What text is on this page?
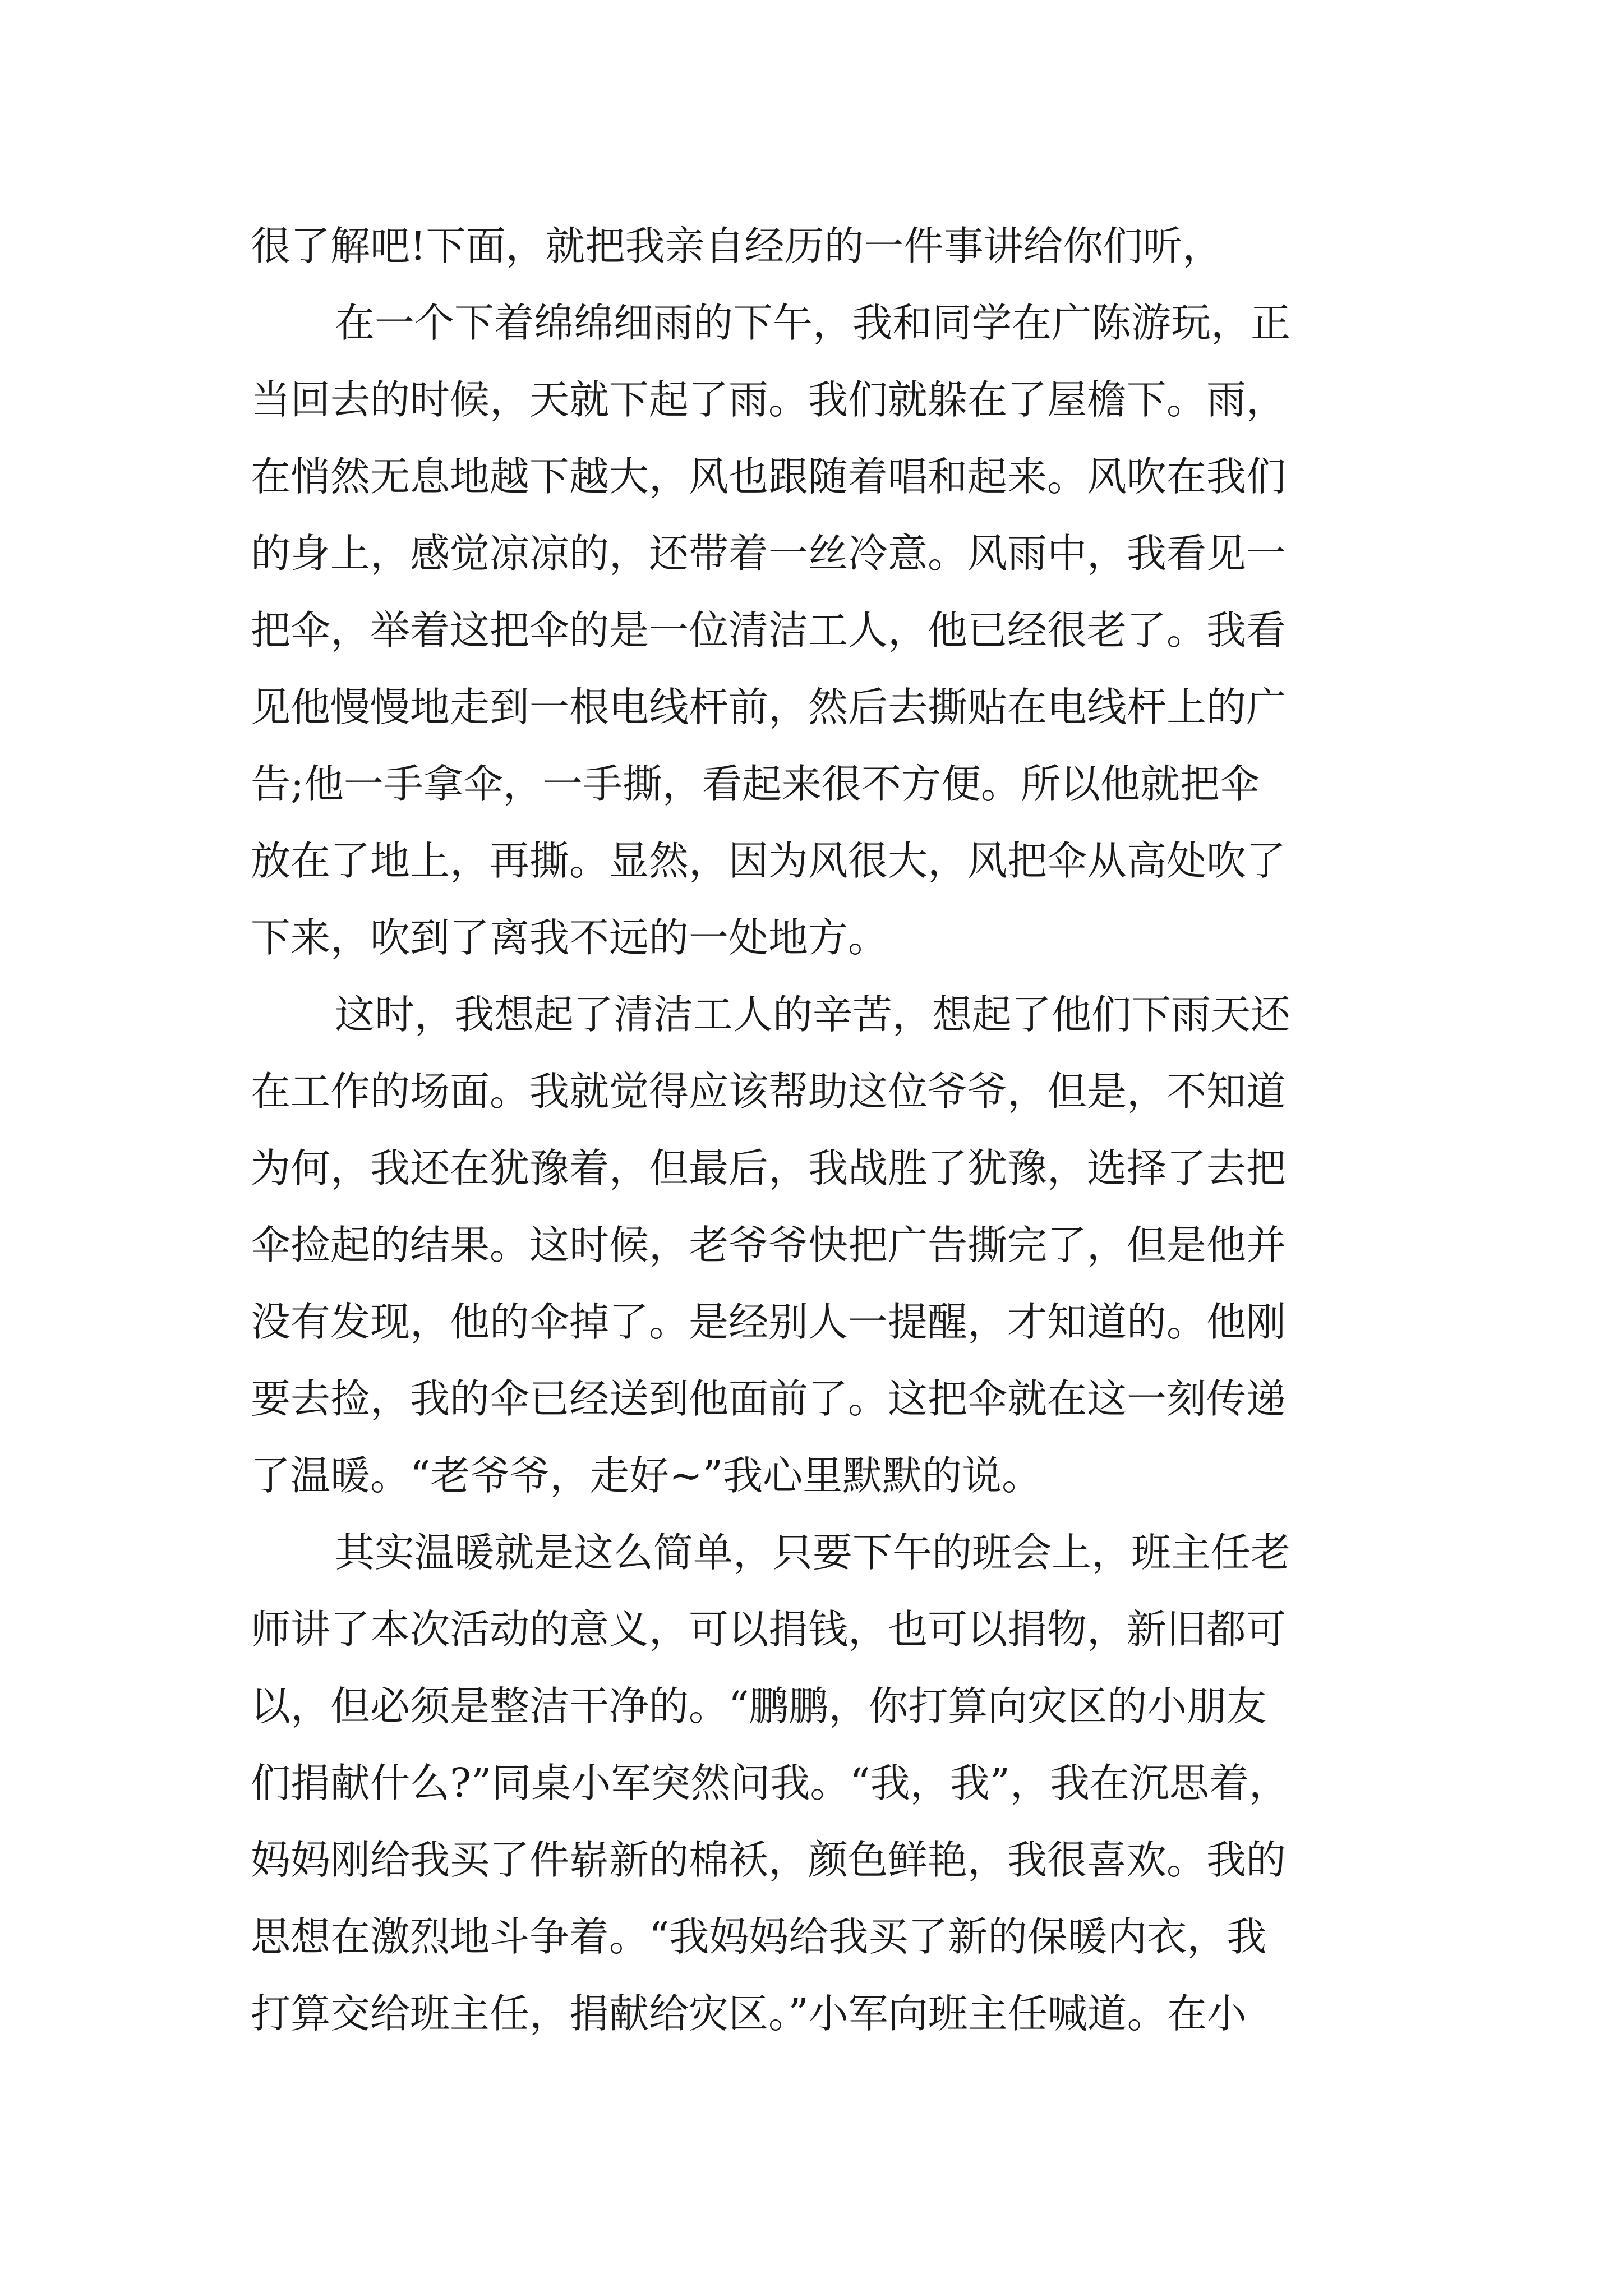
很了解吧!下面，就把我亲自经历的一件事讲给你们听，
在一个下着绵绵细雨的下午，我和同学在广陈游玩，正
当回去的时候，天就下起了雨。我们就躲在了屋檐下。雨，
在悄然无息地越下越大，风也跟随着唱和起来。风吹在我们
的身上，感觉凉凉的，还带着一丝冷意。风雨中，我看见一
把伞，举着这把伞的是一位清洁工人，他已经很老了。我看
见他慢慢地走到一根电线杆前，然后去撕贴在电线杆上的广
告;他一手拿伞，一手撕，看起来很不方便。所以他就把伞
放在了地上，再撕。显然，因为风很大，风把伞从高处吹了
下来，吹到了离我不远的一处地方。
这时，我想起了清洁工人的辛苦，想起了他们下雨天还
在工作的场面。我就觉得应该帮助这位爷爷，但是，不知道
为何，我还在犹豫着，但最后，我战胜了犹豫，选择了去把
伞捡起的结果。这时候，老爷爷快把广告撕完了，但是他并
没有发现，他的伞掉了。是经别人一提醒，才知道的。他刚
要去捡，我的伞已经送到他面前了。这把伞就在这一刻传递
了温暖。“老爷爷，走好~”我心里默默的说。
其实温暖就是这么简单，只要下午的班会上，班主任老
师讲了本次活动的意义，可以捐钱，也可以捐物，新旧都可
以，但必须是整洁干净的。“鹏鹏，你打算向灾区的小朋友
们捐献什么?”同桌小军突然问我。“我，我”，我在沉思着，
妈妈刚给我买了件崭新的棉袄，颜色鲜艳，我很喜欢。我的
思想在激烈地斗争着。“我妈妈给我买了新的保暖内衣，我
打算交给班主任，捐献给灾区。”小军向班主任喊道。在小
